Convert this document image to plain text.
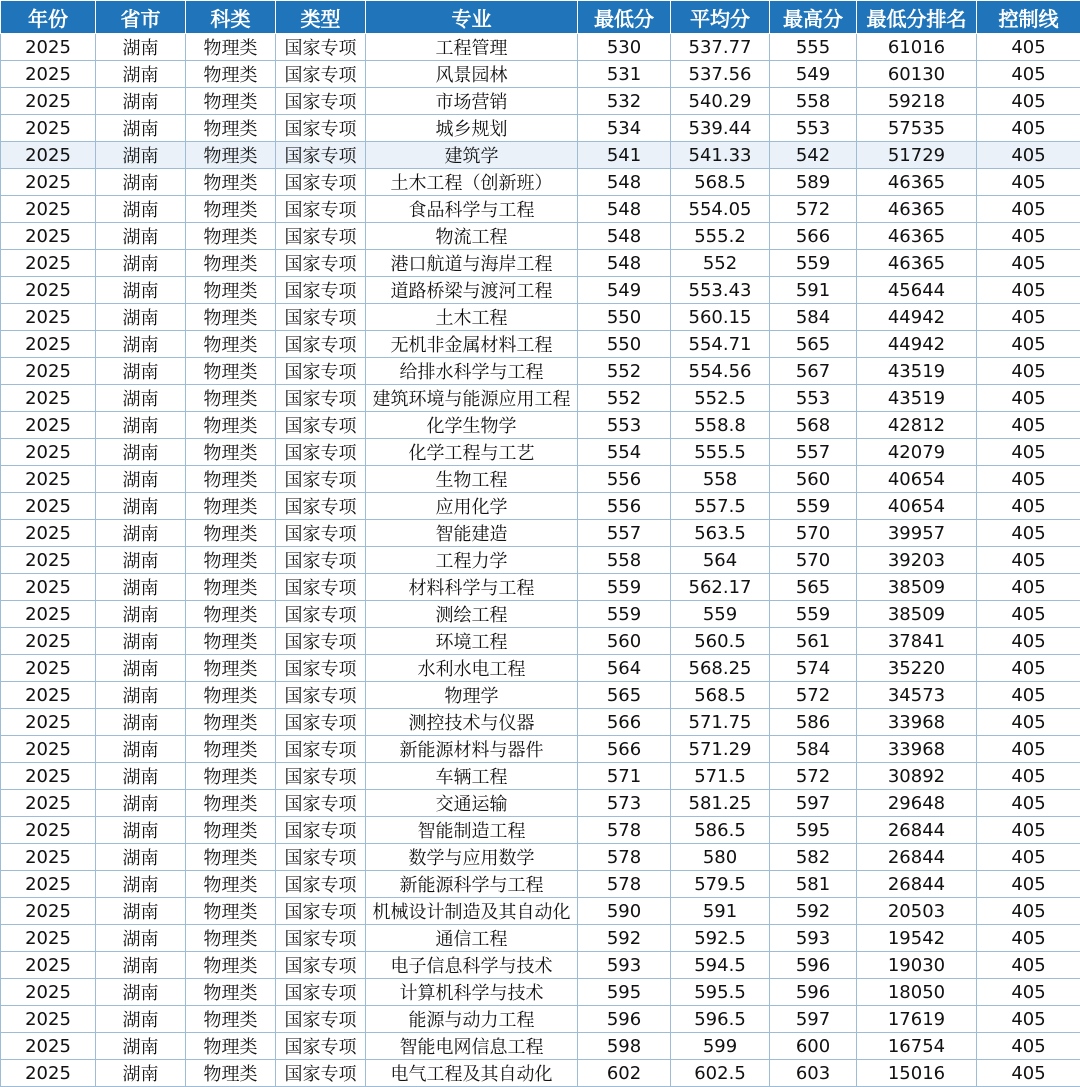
年份	省市	科类	类型	专业	最低分	平均分	最高分	最低分排名	控制线
2025	湖南	物理类	国家专项	工程管理	530	537.77	555	61016	405
2025	湖南	物理类	国家专项	风景园林	531	537.56	549	60130	405
2025	湖南	物理类	国家专项	市场营销	532	540.29	558	59218	405
2025	湖南	物理类	国家专项	城乡规划	534	539.44	553	57535	405
2025	湖南	物理类	国家专项	建筑学	541	541.33	542	51729	405
2025	湖南	物理类	国家专项	土木工程（创新班）	548	568.5	589	46365	405
2025	湖南	物理类	国家专项	食品科学与工程	548	554.05	572	46365	405
2025	湖南	物理类	国家专项	物流工程	548	555.2	566	46365	405
2025	湖南	物理类	国家专项	港口航道与海岸工程	548	552	559	46365	405
2025	湖南	物理类	国家专项	道路桥梁与渡河工程	549	553.43	591	45644	405
2025	湖南	物理类	国家专项	土木工程	550	560.15	584	44942	405
2025	湖南	物理类	国家专项	无机非金属材料工程	550	554.71	565	44942	405
2025	湖南	物理类	国家专项	给排水科学与工程	552	554.56	567	43519	405
2025	湖南	物理类	国家专项	建筑环境与能源应用工程	552	552.5	553	43519	405
2025	湖南	物理类	国家专项	化学生物学	553	558.8	568	42812	405
2025	湖南	物理类	国家专项	化学工程与工艺	554	555.5	557	42079	405
2025	湖南	物理类	国家专项	生物工程	556	558	560	40654	405
2025	湖南	物理类	国家专项	应用化学	556	557.5	559	40654	405
2025	湖南	物理类	国家专项	智能建造	557	563.5	570	39957	405
2025	湖南	物理类	国家专项	工程力学	558	564	570	39203	405
2025	湖南	物理类	国家专项	材料科学与工程	559	562.17	565	38509	405
2025	湖南	物理类	国家专项	测绘工程	559	559	559	38509	405
2025	湖南	物理类	国家专项	环境工程	560	560.5	561	37841	405
2025	湖南	物理类	国家专项	水利水电工程	564	568.25	574	35220	405
2025	湖南	物理类	国家专项	物理学	565	568.5	572	34573	405
2025	湖南	物理类	国家专项	测控技术与仪器	566	571.75	586	33968	405
2025	湖南	物理类	国家专项	新能源材料与器件	566	571.29	584	33968	405
2025	湖南	物理类	国家专项	车辆工程	571	571.5	572	30892	405
2025	湖南	物理类	国家专项	交通运输	573	581.25	597	29648	405
2025	湖南	物理类	国家专项	智能制造工程	578	586.5	595	26844	405
2025	湖南	物理类	国家专项	数学与应用数学	578	580	582	26844	405
2025	湖南	物理类	国家专项	新能源科学与工程	578	579.5	581	26844	405
2025	湖南	物理类	国家专项	机械设计制造及其自动化	590	591	592	20503	405
2025	湖南	物理类	国家专项	通信工程	592	592.5	593	19542	405
2025	湖南	物理类	国家专项	电子信息科学与技术	593	594.5	596	19030	405
2025	湖南	物理类	国家专项	计算机科学与技术	595	595.5	596	18050	405
2025	湖南	物理类	国家专项	能源与动力工程	596	596.5	597	17619	405
2025	湖南	物理类	国家专项	智能电网信息工程	598	599	600	16754	405
2025	湖南	物理类	国家专项	电气工程及其自动化	602	602.5	603	15016	405
